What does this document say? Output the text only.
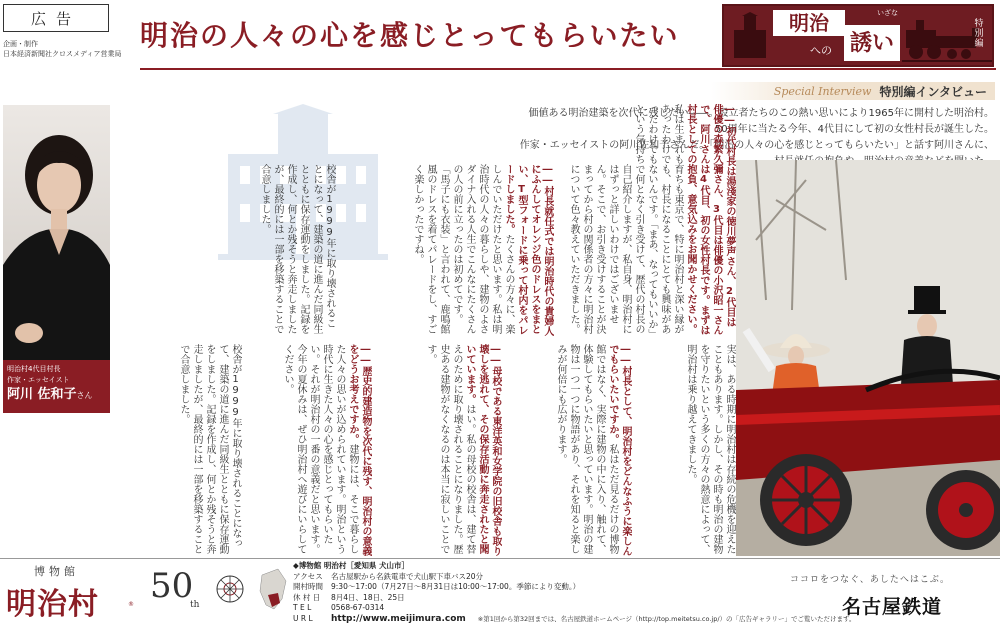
広告
企画・制作
日本経済新聞社クロスメディア営業局
明治の人々の心を感じとってもらいたい	明治
への
いざな
誘い
特別編
Special Interview 特別編インタビュー
価値ある明治建築を次代に残したい――。設立者たちのこの熱い思いにより1965年に開村した明治村。
50周年に当たる今年、4代目にして初の女性村長が誕生した。
作家・エッセイストの阿川佐和子さんだ。「明治の人々の心を感じとってもらいたい」と話す阿川さんに、
明治村4代目村長
作家・エッセイスト
阿川 佐和子さん
――初代村長は湯淺家の徳川夢声さん、2代目は俳優の森繁久彌さん、3代目は俳優の小沢昭一さんで、阿川さんは4代目、初の女性村長です。まずは村長としての抱負、意気込みをお聞かせください。私は生まれも育ちも東京で、特に明治村と深い縁があったわけでも、村長になることにとても興味があったわけでもないんです。「まあ、なってもいいか」という気持ちで何となく引き受けて、歴代の村長の
自己紹介しますが、私自身、明治村にはずっと詳しいわけではございません。そこで、お引き受けすることが決まってから村の関係者の方々に明治村について色々教えていただきました。
――村長就任式では明治時代の貴婦人にふんしてオレンジ色のドレスをまとい、T型フォードに乗って村内をパレードしました。たくさんの方々に、楽しんでいただけたと思います。私は明治時代の人々の暮らしや、建物のよさ
ダイナ入れる人生でこんなにたくさんの人の前に立ったのは初めてです。「馬子にも衣装」と言われて、鹿鳴館風のドレスを着てパレードをし、すごく楽しかったですね。
実は、ある時期に明治村は存続の危機を迎えたこともあります。しかし、その時も明治の建物を守りたいという多くの方々の熱意によって、明治村は乗り越えてきました。
――村長として、明治村をどんなふうに楽しんでもらいたいですか。私はただ見るだけの博物館ではなく、実際に建物の中に入り、触れて、体験してもらいたいと思っています。明治の建物は一つ一つに物語があり、それを知ると楽しみが何倍にも広がります。
――母校である東洋英和女学院の旧校舎も取り壊しを逃れて、その保存活動に奔走されたと聞いています。はい。私の母校の校舎は、建て替えのために取り壊されることになりました。歴史ある建物がなくなるのは本当に寂しいことです。
――歴史的建造物を次代に残す、明治村の意義をどうお考えですか。建物には、そこで暮らした人々の思いが込められています。明治という時代に生きた人々の心を感じとってもらいたい。それが明治村の一番の意義だと思います。今年の夏休みは、ぜひ明治村へ遊びにいらしてください。
校舎が1999年に取り壊されることになって、建築の道に進んだ同級生とともに保存運動をしました。記録を作成し、何とか残そうと奔走しましたが、最終的には一部を移築することで合意しました。
校舎が1999年に取り壊されることになって、建築の道に進んだ同級生とともに保存運動をしました。記録を作成し、何とか残そうと奔走しましたが、最終的には一部を移築することで合意しました。
博物館
明治村	® 50
th
◆博物館 明治村［愛知県 犬山市］
アクセス	名古屋駅から名鉄電車で犬山駅下車バス20分
開村時間	9:30～17:00（7月27日～8月31日は10:00～17:00。季節により変動。）
休 村 日	8月4日、18日、25日
T E L	0568-67-0314
U R L	http://www.meijimura.com ※第1回から第32回までは、名古屋鉄道ホームページ（http://top.meitetsu.co.jp/）の「広告ギャラリー」でご覧いただけます。
ココロをつなぐ、あしたへはこぶ。
名古屋鉄道
